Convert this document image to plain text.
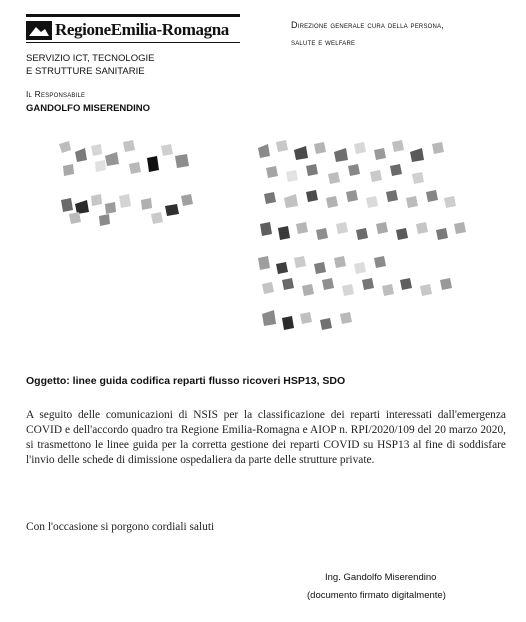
RegioneEmilia-Romagna
SERVIZIO ICT, TECNOLOGIE
E STRUTTURE SANITARIE
Il Responsabile
GANDOLFO MISERENDINO
Direzione generale cura della persona,
salute e welfare
Oggetto: linee guida codifica reparti flusso ricoveri HSP13, SDO

A seguito delle comunicazioni di NSIS per la classificazione dei reparti interessati dall'emergenza COVID e dell'accordo quadro tra Regione Emilia-Romagna e AIOP n. RPI/2020/109 del 20 marzo 2020, si trasmettono le linee guida per la corretta gestione dei reparti COVID su HSP13 al fine di soddisfare l'invio delle schede di dimissione ospedaliera da parte delle strutture private.

Con l'occasione si porgono cordiali saluti
Ing. Gandolfo Miserendino
(documento firmato digitalmente)
